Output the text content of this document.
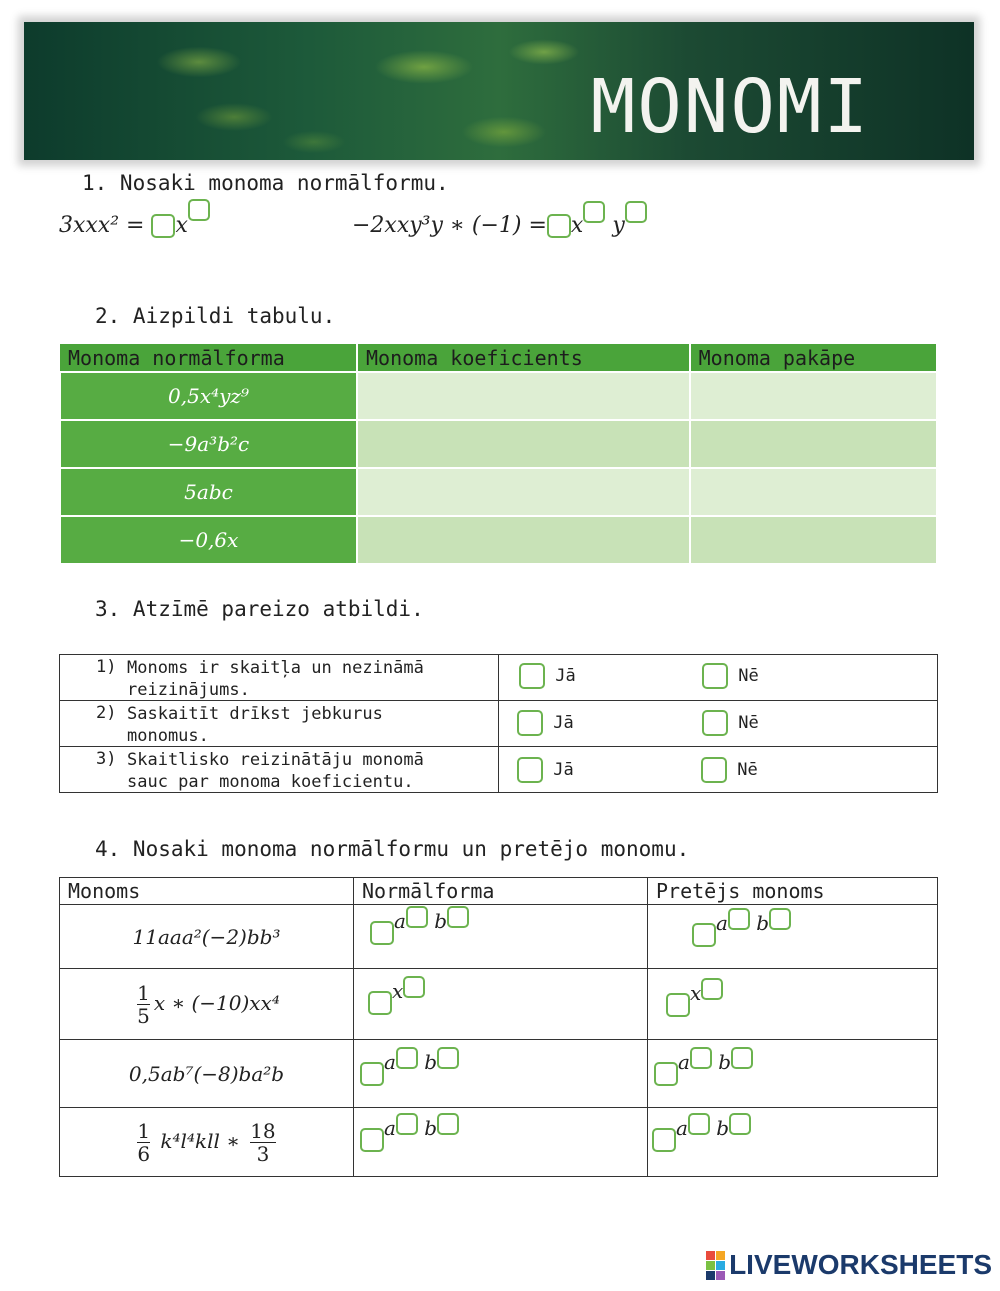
MONOMI
1. Nosaki monoma normālformu.
3xxx² = x	−2xxy³y ∗ (−1) = x y
2. Aizpildi tabulu.
Monoma normālforma	Monoma koeficients	Monoma pakāpe
0,5x⁴yz⁹		
−9a³b²c		
5abc		
−0,6x		
3. Atzīmē pareizo atbildi.
1) Monoms ir skaitļa un nezināmā
reizinājums.	Jā Nē

2) Saskaitīt drīkst jebkurus
monomus.	Jā Nē

3) Skaitlisko reizinātāju monomā
sauc par monoma koeficientu.	Jā Nē
4. Nosaki monoma normālformu un pretējo monomu.
Monoms	Normālforma	Pretējs monoms
11aaa²(−2)bb³	a b	a b

$\frac{1}{5}$ x ∗ (−10)xx⁴	x	x

0,5ab⁷(−8)ba²b	a b	a b

$\frac{1}{6} k^4l^4kll$ ∗ $\frac{18}{3}$	a b	a b
LIVEWORKSHEETS
